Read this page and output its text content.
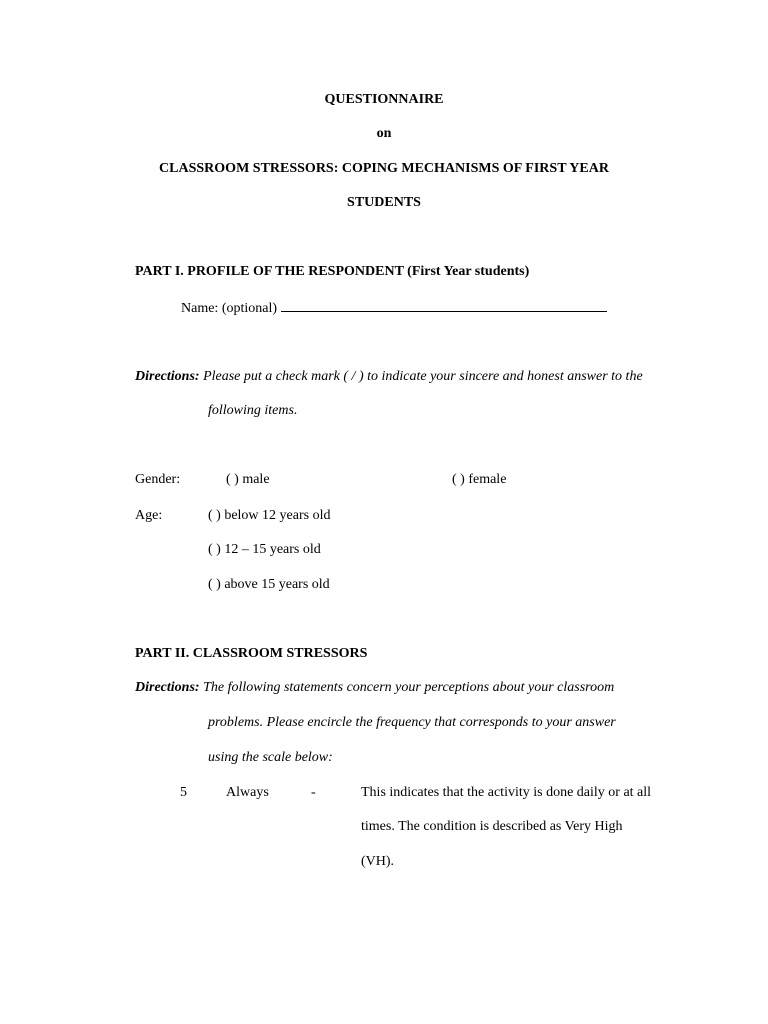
QUESTIONNAIRE
on
CLASSROOM STRESSORS: COPING MECHANISMS OF FIRST YEAR
STUDENTS
PART I. PROFILE OF THE RESPONDENT (First Year students)
Name: (optional)
Directions: Please put a check mark ( / ) to indicate your sincere and honest answer to the
following items.
Gender:	( ) male	( ) female
Age:	( ) below 12 years old
( ) 12 – 15 years old
( ) above 15 years old
PART II. CLASSROOM STRESSORS
Directions: The following statements concern your perceptions about your classroom
problems. Please encircle the frequency that corresponds to your answer
using the scale below:
5	Always	-	This indicates that the activity is done daily or at all
times. The condition is described as Very High
(VH).
